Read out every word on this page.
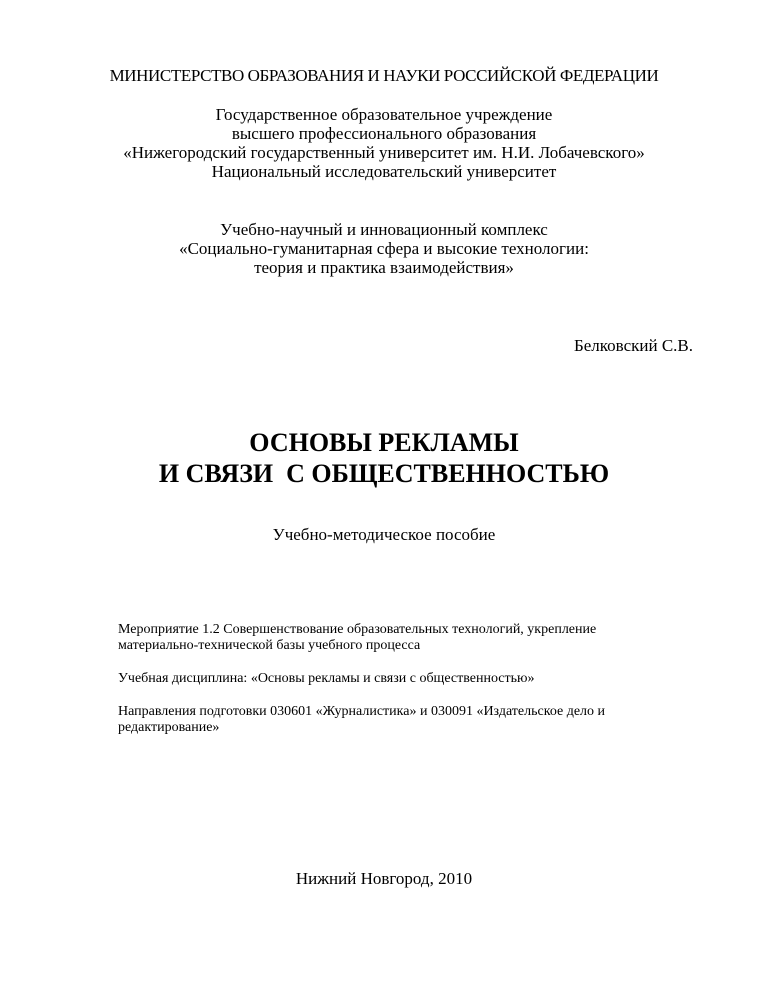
МИНИСТЕРСТВО ОБРАЗОВАНИЯ И НАУКИ РОССИЙСКОЙ ФЕДЕРАЦИИ
Государственное образовательное учреждение
высшего профессионального образования
«Нижегородский государственный университет им. Н.И. Лобачевского»
Национальный исследовательский университет
Учебно-научный и инновационный комплекс
«Социально-гуманитарная сфера и высокие технологии:
теория и практика взаимодействия»
Белковский С.В.
ОСНОВЫ РЕКЛАМЫ
И СВЯЗИ  С ОБЩЕСТВЕННОСТЬЮ
Учебно-методическое пособие
Мероприятие 1.2 Совершенствование образовательных технологий, укрепление
материально-технической базы учебного процесса
Учебная дисциплина: «Основы рекламы и связи с общественностью»
Направления подготовки 030601 «Журналистика» и 030091 «Издательское дело и
редактирование»
Нижний Новгород, 2010
